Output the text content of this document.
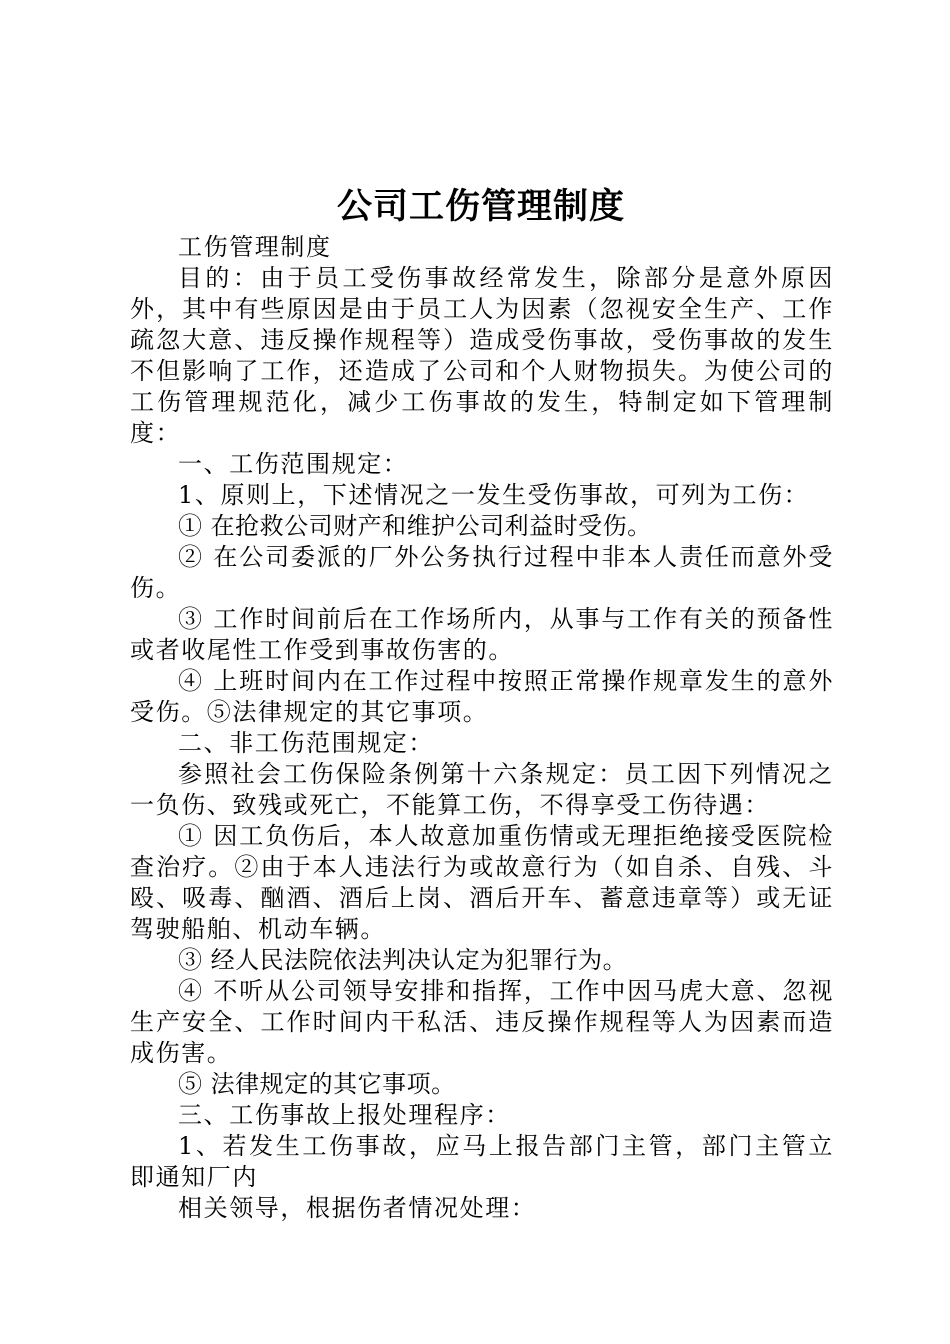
公司工伤管理制度

工伤管理制度

目的：由于员工受伤事故经常发生，除部分是意外原因外，其中有些原因是由于员工人为因素（忽视安全生产、工作疏忽大意、违反操作规程等）造成受伤事故，受伤事故的发生不但影响了工作，还造成了公司和个人财物损失。为使公司的工伤管理规范化，减少工伤事故的发生，特制定如下管理制度：

一、工伤范围规定：

1、原则上，下述情况之一发生受伤事故，可列为工伤：

① 在抢救公司财产和维护公司利益时受伤。

② 在公司委派的厂外公务执行过程中非本人责任而意外受伤。

③ 工作时间前后在工作场所内，从事与工作有关的预备性或者收尾性工作受到事故伤害的。

④ 上班时间内在工作过程中按照正常操作规章发生的意外受伤。⑤法律规定的其它事项。

二、非工伤范围规定：

参照社会工伤保险条例第十六条规定：员工因下列情况之一负伤、致残或死亡，不能算工伤，不得享受工伤待遇：

① 因工负伤后，本人故意加重伤情或无理拒绝接受医院检查治疗。②由于本人违法行为或故意行为（如自杀、自残、斗殴、吸毒、酗酒、酒后上岗、酒后开车、蓄意违章等）或无证驾驶船舶、机动车辆。

③ 经人民法院依法判决认定为犯罪行为。

④ 不听从公司领导安排和指挥，工作中因马虎大意、忽视生产安全、工作时间内干私活、违反操作规程等人为因素而造成伤害。

⑤ 法律规定的其它事项。

三、工伤事故上报处理程序：

1、若发生工伤事故，应马上报告部门主管，部门主管立即通知厂内

相关领导，根据伤者情况处理：
